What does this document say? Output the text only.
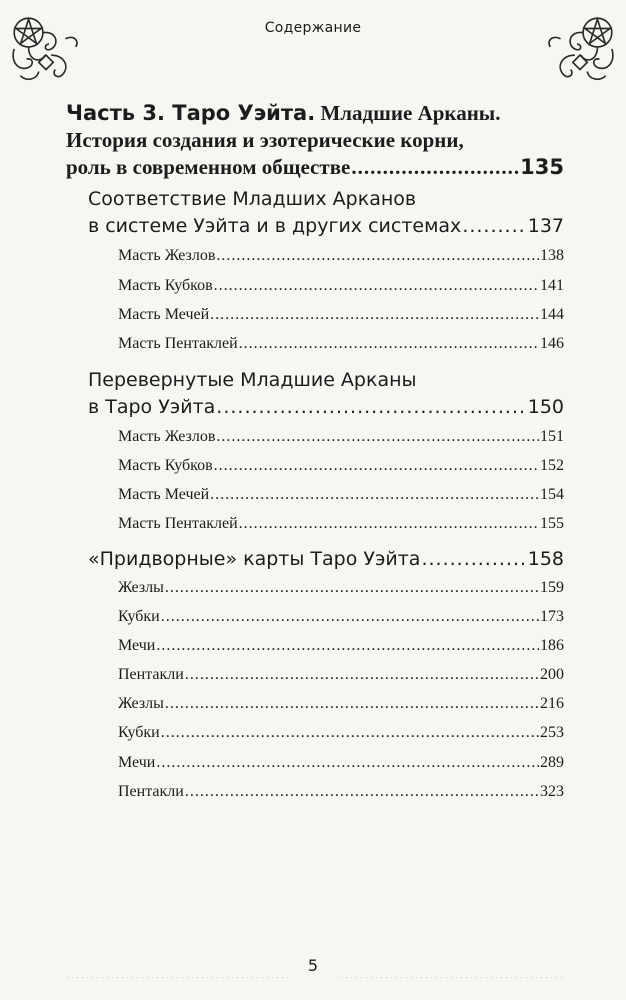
Содержание
Часть 3. Таро Уэйта. Младшие Арканы.
История создания и эзотерические корни,
роль в современном обществе .....	135
Соответствие Младших Арканов
в системе Уэйта и в других системах .....	137
Масть Жезлов .....	138
Масть Кубков .....	141
Масть Мечей .....	144
Масть Пентаклей .....	146
Перевернутые Младшие Арканы
в Таро Уэйта .....	150
Масть Жезлов .....	151
Масть Кубков .....	152
Масть Мечей .....	154
Масть Пентаклей .....	155
«Придворные» карты Таро Уэйта .....	158
Жезлы .....	159
Кубки .....	173
Мечи .....	186
Пентакли .....	200
Жезлы .....	216
Кубки .....	253
Мечи .....	289
Пентакли .....	323
.....
5
.....
